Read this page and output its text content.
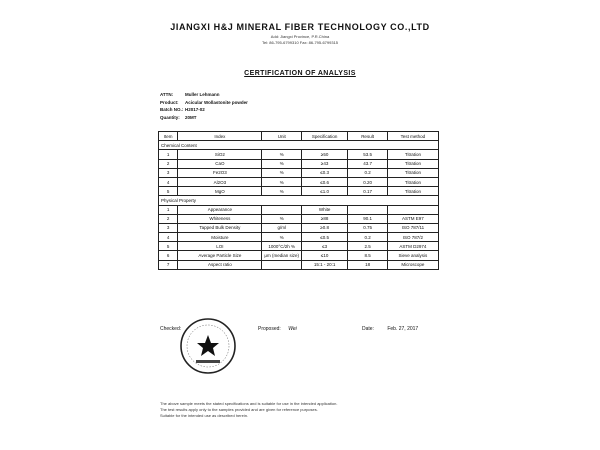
JIANGXI H&J MINERAL FIBER TECHNOLOGY CO.,LTD
Add: Jiangxi Province, P.R.China
Tel: 86-795-6799310 Fax: 86-795-6799315
CERTIFICATION OF ANALYSIS
ATTN:	Muller Lehmann
Product: Acicular Wollastonite powder
Batch NO.: H2017-02
Quantity: 20MT
Item	Index	Unit	Specification	Result	Test method
Chemical Content					
1	SiO2	%	≥50	53.5	Titration
2	CaO	%	≥43	43.7	Titration
3	Fe2O3	%	≤0.3	0.2	Titration
4	Al2O3	%	≤0.6	0.20	Titration
5	MgO	%	≤1.0	0.17	Titration
Physical Property					
1	Appearance		White		
2	Whiteness	%	≥88	90.1	ASTM E97
3	Tapped Bulk Density	g/ml	≥0.8	0.75	ISO 787/11
4	Moisture	%	≤0.5	0.2	ISO 787/2
5	LOI	1000°C/2h %	≤3	2.5	ASTM D2974
6	Average Particle Size	μm (median size)	≤10	8.5	Sieve analysis
7	Aspect ratio		15:1 - 20:1	18	Microscope
Checked:	Proposed: Wei	Date:	Feb. 27, 2017
The above sample meets the stated specifications and is suitable for use in the intended application.
The test results apply only to the samples provided and are given for reference purposes.
Suitable for the intended use as described herein.
